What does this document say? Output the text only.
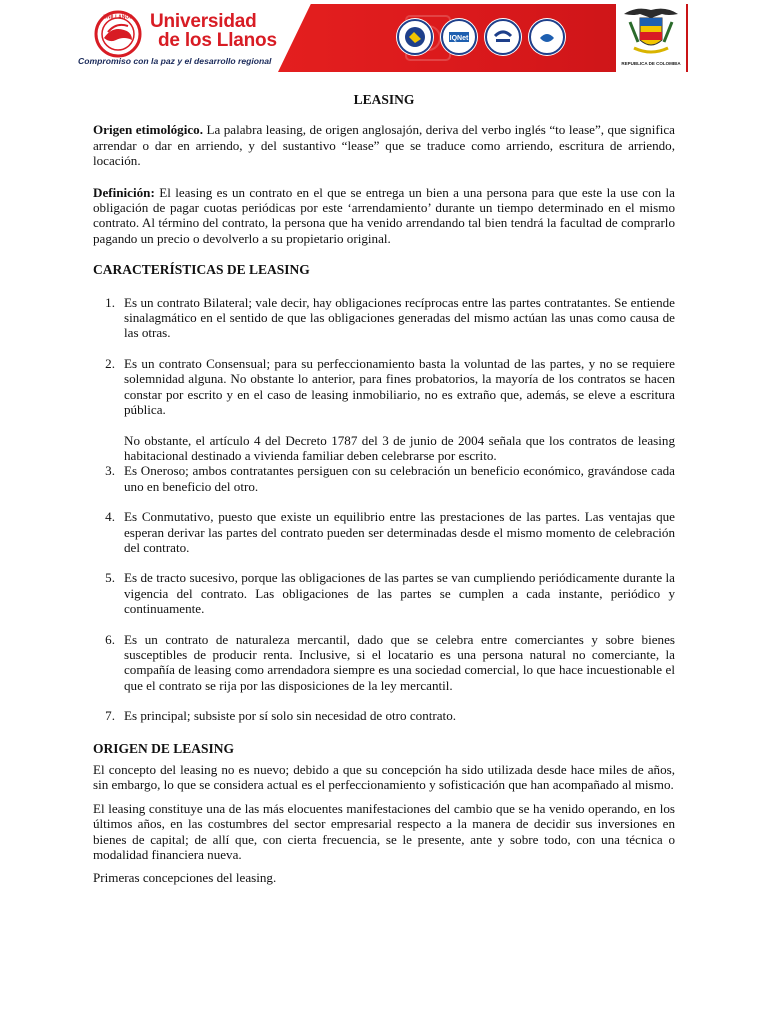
UNILLANOS Universidad
de los Llanos
Compromiso con la paz y el desarrollo regional
IQNet
REPUBLICA DE COLOMBIA
LEASING

Origen etimológico. La palabra leasing, de origen anglosajón, deriva del verbo inglés “to lease”, que significa arrendar o dar en arriendo, y del sustantivo “lease” que se traduce como arriendo, escritura de arriendo, locación.

Definición: El leasing es un contrato en el que se entrega un bien a una persona para que este la use con la obligación de pagar cuotas periódicas por este ‘arrendamiento’ durante un tiempo determinado en el mismo contrato. Al término del contrato, la persona que ha venido arrendando tal bien tendrá la facultad de comprarlo pagando un precio o devolverlo a su propietario original.

CARACTERÍSTICAS DE LEASING
1. Es un contrato Bilateral; vale decir, hay obligaciones recíprocas entre las partes contratantes. Se entiende sinalagmático en el sentido de que las obligaciones generadas del mismo actúan las unas como causa de las otras.
2. Es un contrato Consensual; para su perfeccionamiento basta la voluntad de las partes, y no se requiere solemnidad alguna. No obstante lo anterior, para fines probatorios, la mayoría de los contratos se hacen constar por escrito y en el caso de leasing inmobiliario, no es extraño que, además, se eleve a escritura pública.

No obstante, el artículo 4 del Decreto 1787 del 3 de junio de 2004 señala que los contratos de leasing habitacional destinado a vivienda familiar deben celebrarse por escrito.

3. Es Oneroso; ambos contratantes persiguen con su celebración un beneficio económico, gravándose cada uno en beneficio del otro.
4. Es Conmutativo, puesto que existe un equilibrio entre las prestaciones de las partes. Las ventajas que esperan derivar las partes del contrato pueden ser determinadas desde el mismo momento de celebración del contrato.
5. Es de tracto sucesivo, porque las obligaciones de las partes se van cumpliendo periódicamente durante la vigencia del contrato. Las obligaciones de las partes se cumplen a cada instante, periódico y continuamente.
6. Es un contrato de naturaleza mercantil, dado que se celebra entre comerciantes y sobre bienes susceptibles de producir renta. Inclusive, si el locatario es una persona natural no comerciante, la compañía de leasing como arrendadora siempre es una sociedad comercial, lo que hace incuestionable el que el contrato se rija por las disposiciones de la ley mercantil.
7. Es principal; subsiste por sí solo sin necesidad de otro contrato.
ORIGEN DE LEASING

El concepto del leasing no es nuevo; debido a que su concepción ha sido utilizada desde hace miles de años, sin embargo, lo que se considera actual es el perfeccionamiento y sofisticación que han acompañado al mismo.

El leasing constituye una de las más elocuentes manifestaciones del cambio que se ha venido operando, en los últimos años, en las costumbres del sector empresarial respecto a la manera de decidir sus inversiones en bienes de capital; de allí que, con cierta frecuencia, se le presente, ante y sobre todo, con una técnica o modalidad financiera nueva.

Primeras concepciones del leasing.
